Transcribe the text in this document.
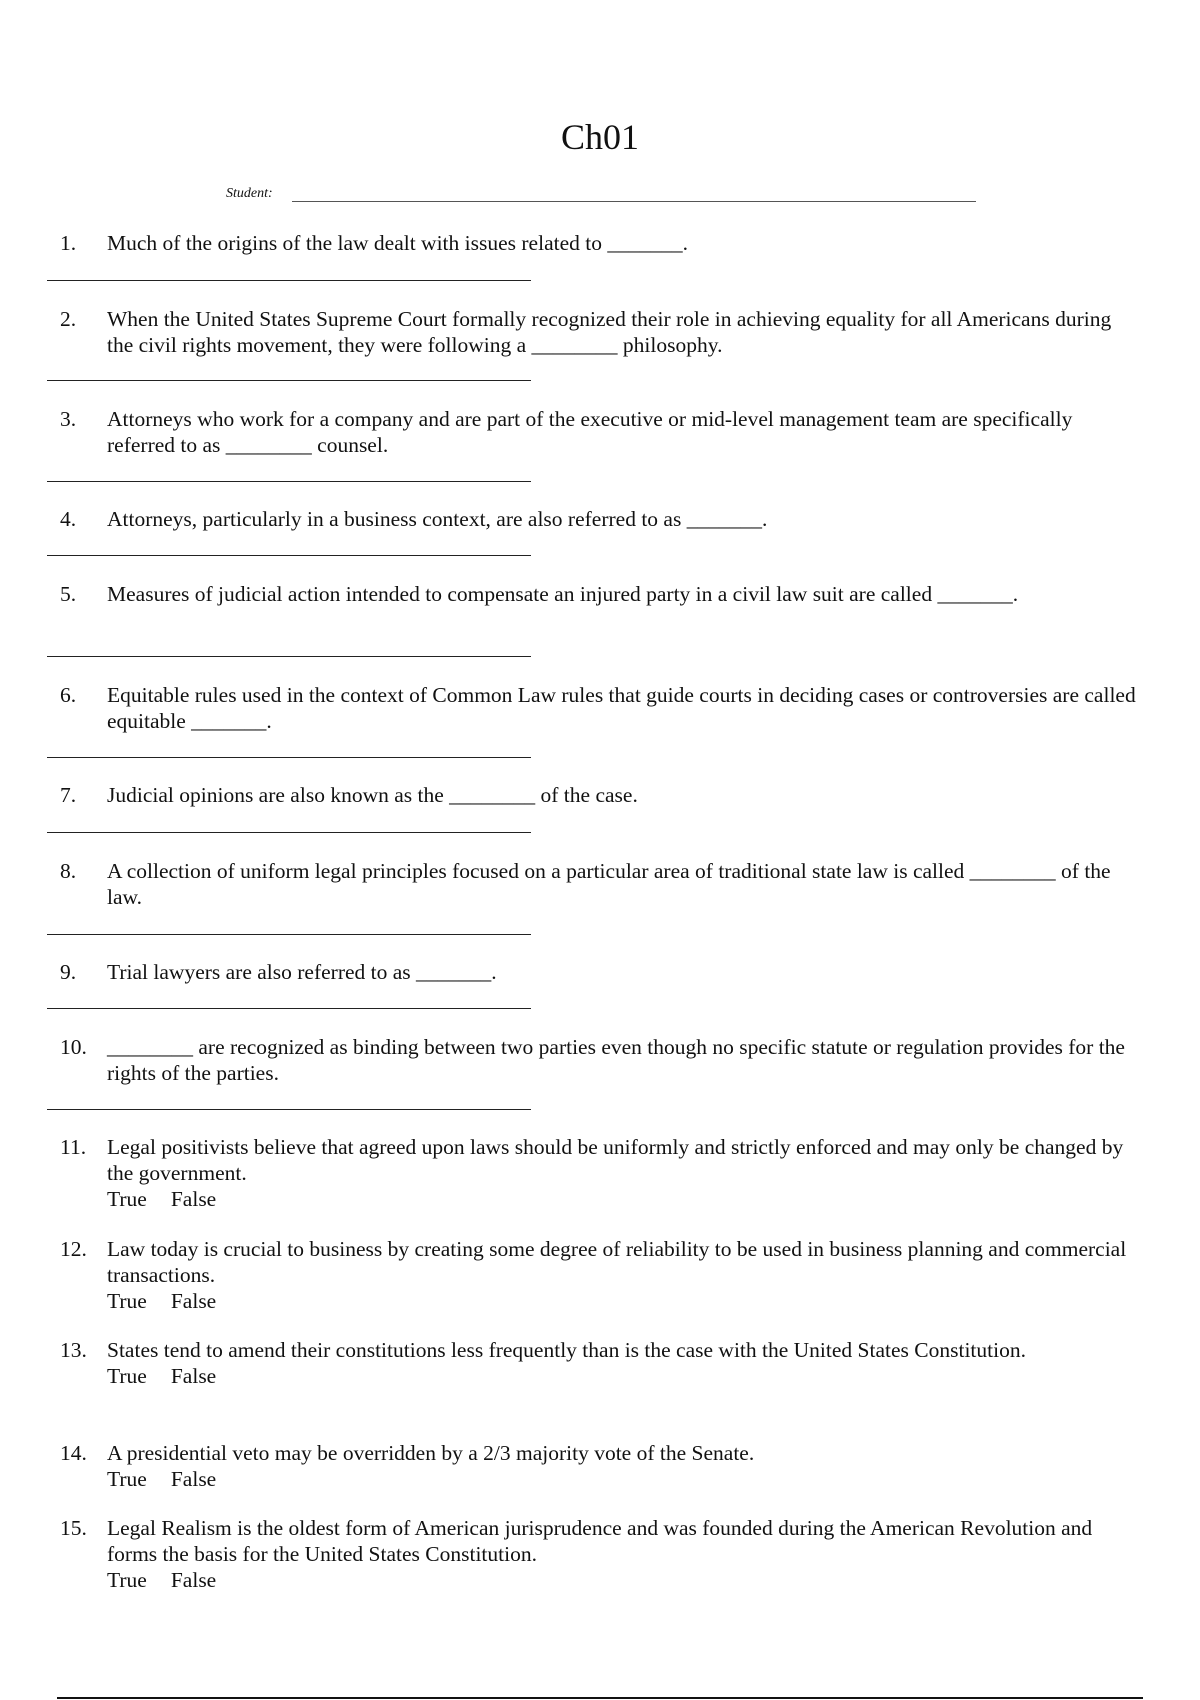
Ch01
Student:
1.	Much of the origins of the law dealt with issues related to _______.
2.	When the United States Supreme Court formally recognized their role in achieving equality for all Americans during the civil rights movement, they were following a ________ philosophy.
3.	Attorneys who work for a company and are part of the executive or mid-level management team are specifically referred to as ________ counsel.
4.	Attorneys, particularly in a business context, are also referred to as _______.
5.	Measures of judicial action intended to compensate an injured party in a civil law suit are called _______.
6.	Equitable rules used in the context of Common Law rules that guide courts in deciding cases or controversies are called equitable _______.
7.	Judicial opinions are also known as the ________ of the case.
8.	A collection of uniform legal principles focused on a particular area of traditional state law is called ________ of the law.
9.	Trial lawyers are also referred to as _______.
10. ________ are recognized as binding between two parties even though no specific statute or regulation provides for the rights of the parties.
11. Legal positivists believe that agreed upon laws should be uniformly and strictly enforced and may only be changed by the government.
True False
12. Law today is crucial to business by creating some degree of reliability to be used in business planning and commercial transactions.
True False
13. States tend to amend their constitutions less frequently than is the case with the United States Constitution.
True False
14. A presidential veto may be overridden by a 2/3 majority vote of the Senate.
True False
15. Legal Realism is the oldest form of American jurisprudence and was founded during the American Revolution and forms the basis for the United States Constitution.
True False
